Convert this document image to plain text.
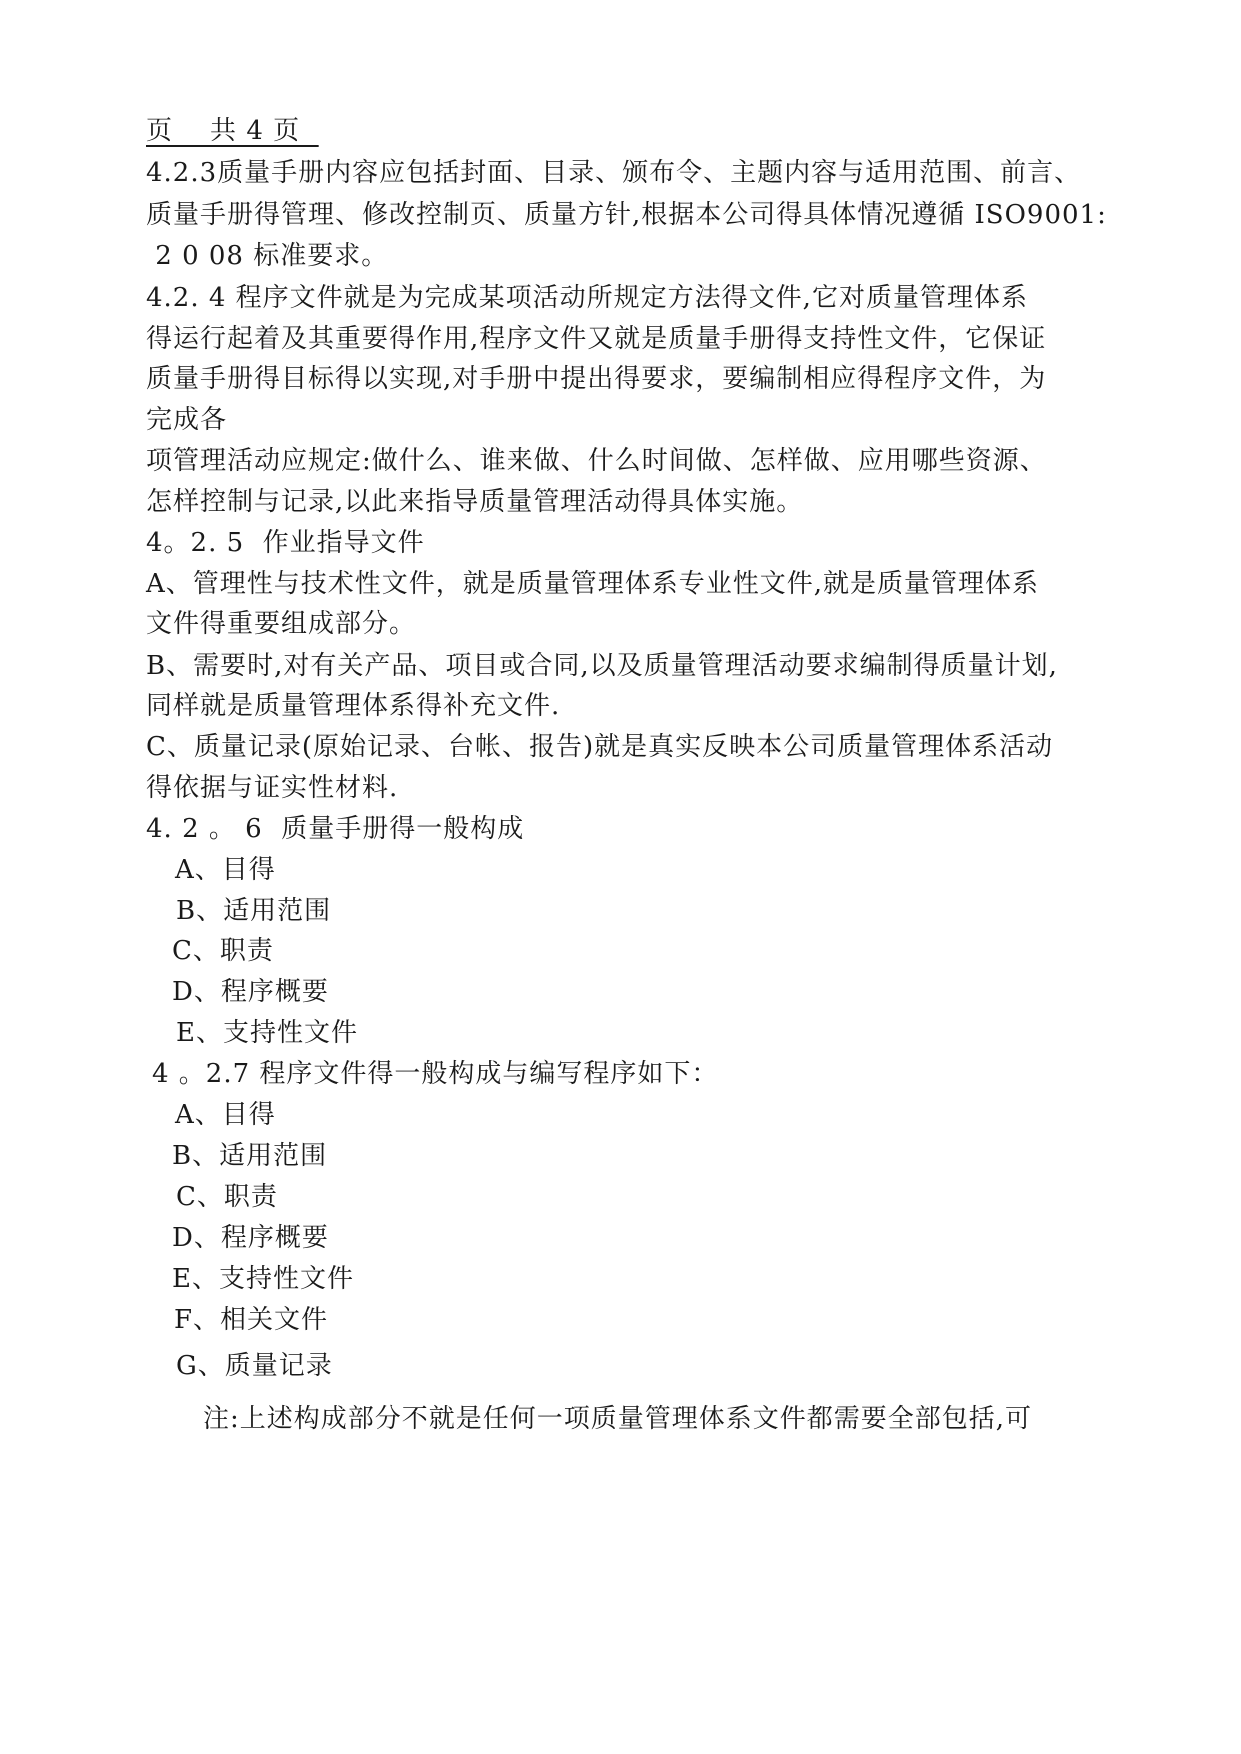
页    共 4 页
4.2.3质量手册内容应包括封面、目录、颁布令、主题内容与适用范围、前言、
质量手册得管理、修改控制页、质量方针,根据本公司得具体情况遵循 ISO9001:
2 0 08 标准要求。
4.2. 4 程序文件就是为完成某项活动所规定方法得文件,它对质量管理体系
得运行起着及其重要得作用,程序文件又就是质量手册得支持性文件，它保证
质量手册得目标得以实现,对手册中提出得要求，要编制相应得程序文件，为
完成各
项管理活动应规定:做什么、谁来做、什么时间做、怎样做、应用哪些资源、
怎样控制与记录,以此来指导质量管理活动得具体实施。
4。2. 5  作业指导文件
A、管理性与技术性文件，就是质量管理体系专业性文件,就是质量管理体系
文件得重要组成部分。
B、需要时,对有关产品、项目或合同,以及质量管理活动要求编制得质量计划,
同样就是质量管理体系得补充文件.
C、质量记录(原始记录、台帐、报告)就是真实反映本公司质量管理体系活动
得依据与证实性材料.
4. 2 。 6  质量手册得一般构成
A、目得
B、适用范围
C、职责
D、程序概要
E、支持性文件
4 。2.7 程序文件得一般构成与编写程序如下：
A、目得
B、适用范围
C、职责
D、程序概要
E、支持性文件
F、相关文件
G、质量记录
注:上述构成部分不就是任何一项质量管理体系文件都需要全部包括,可
